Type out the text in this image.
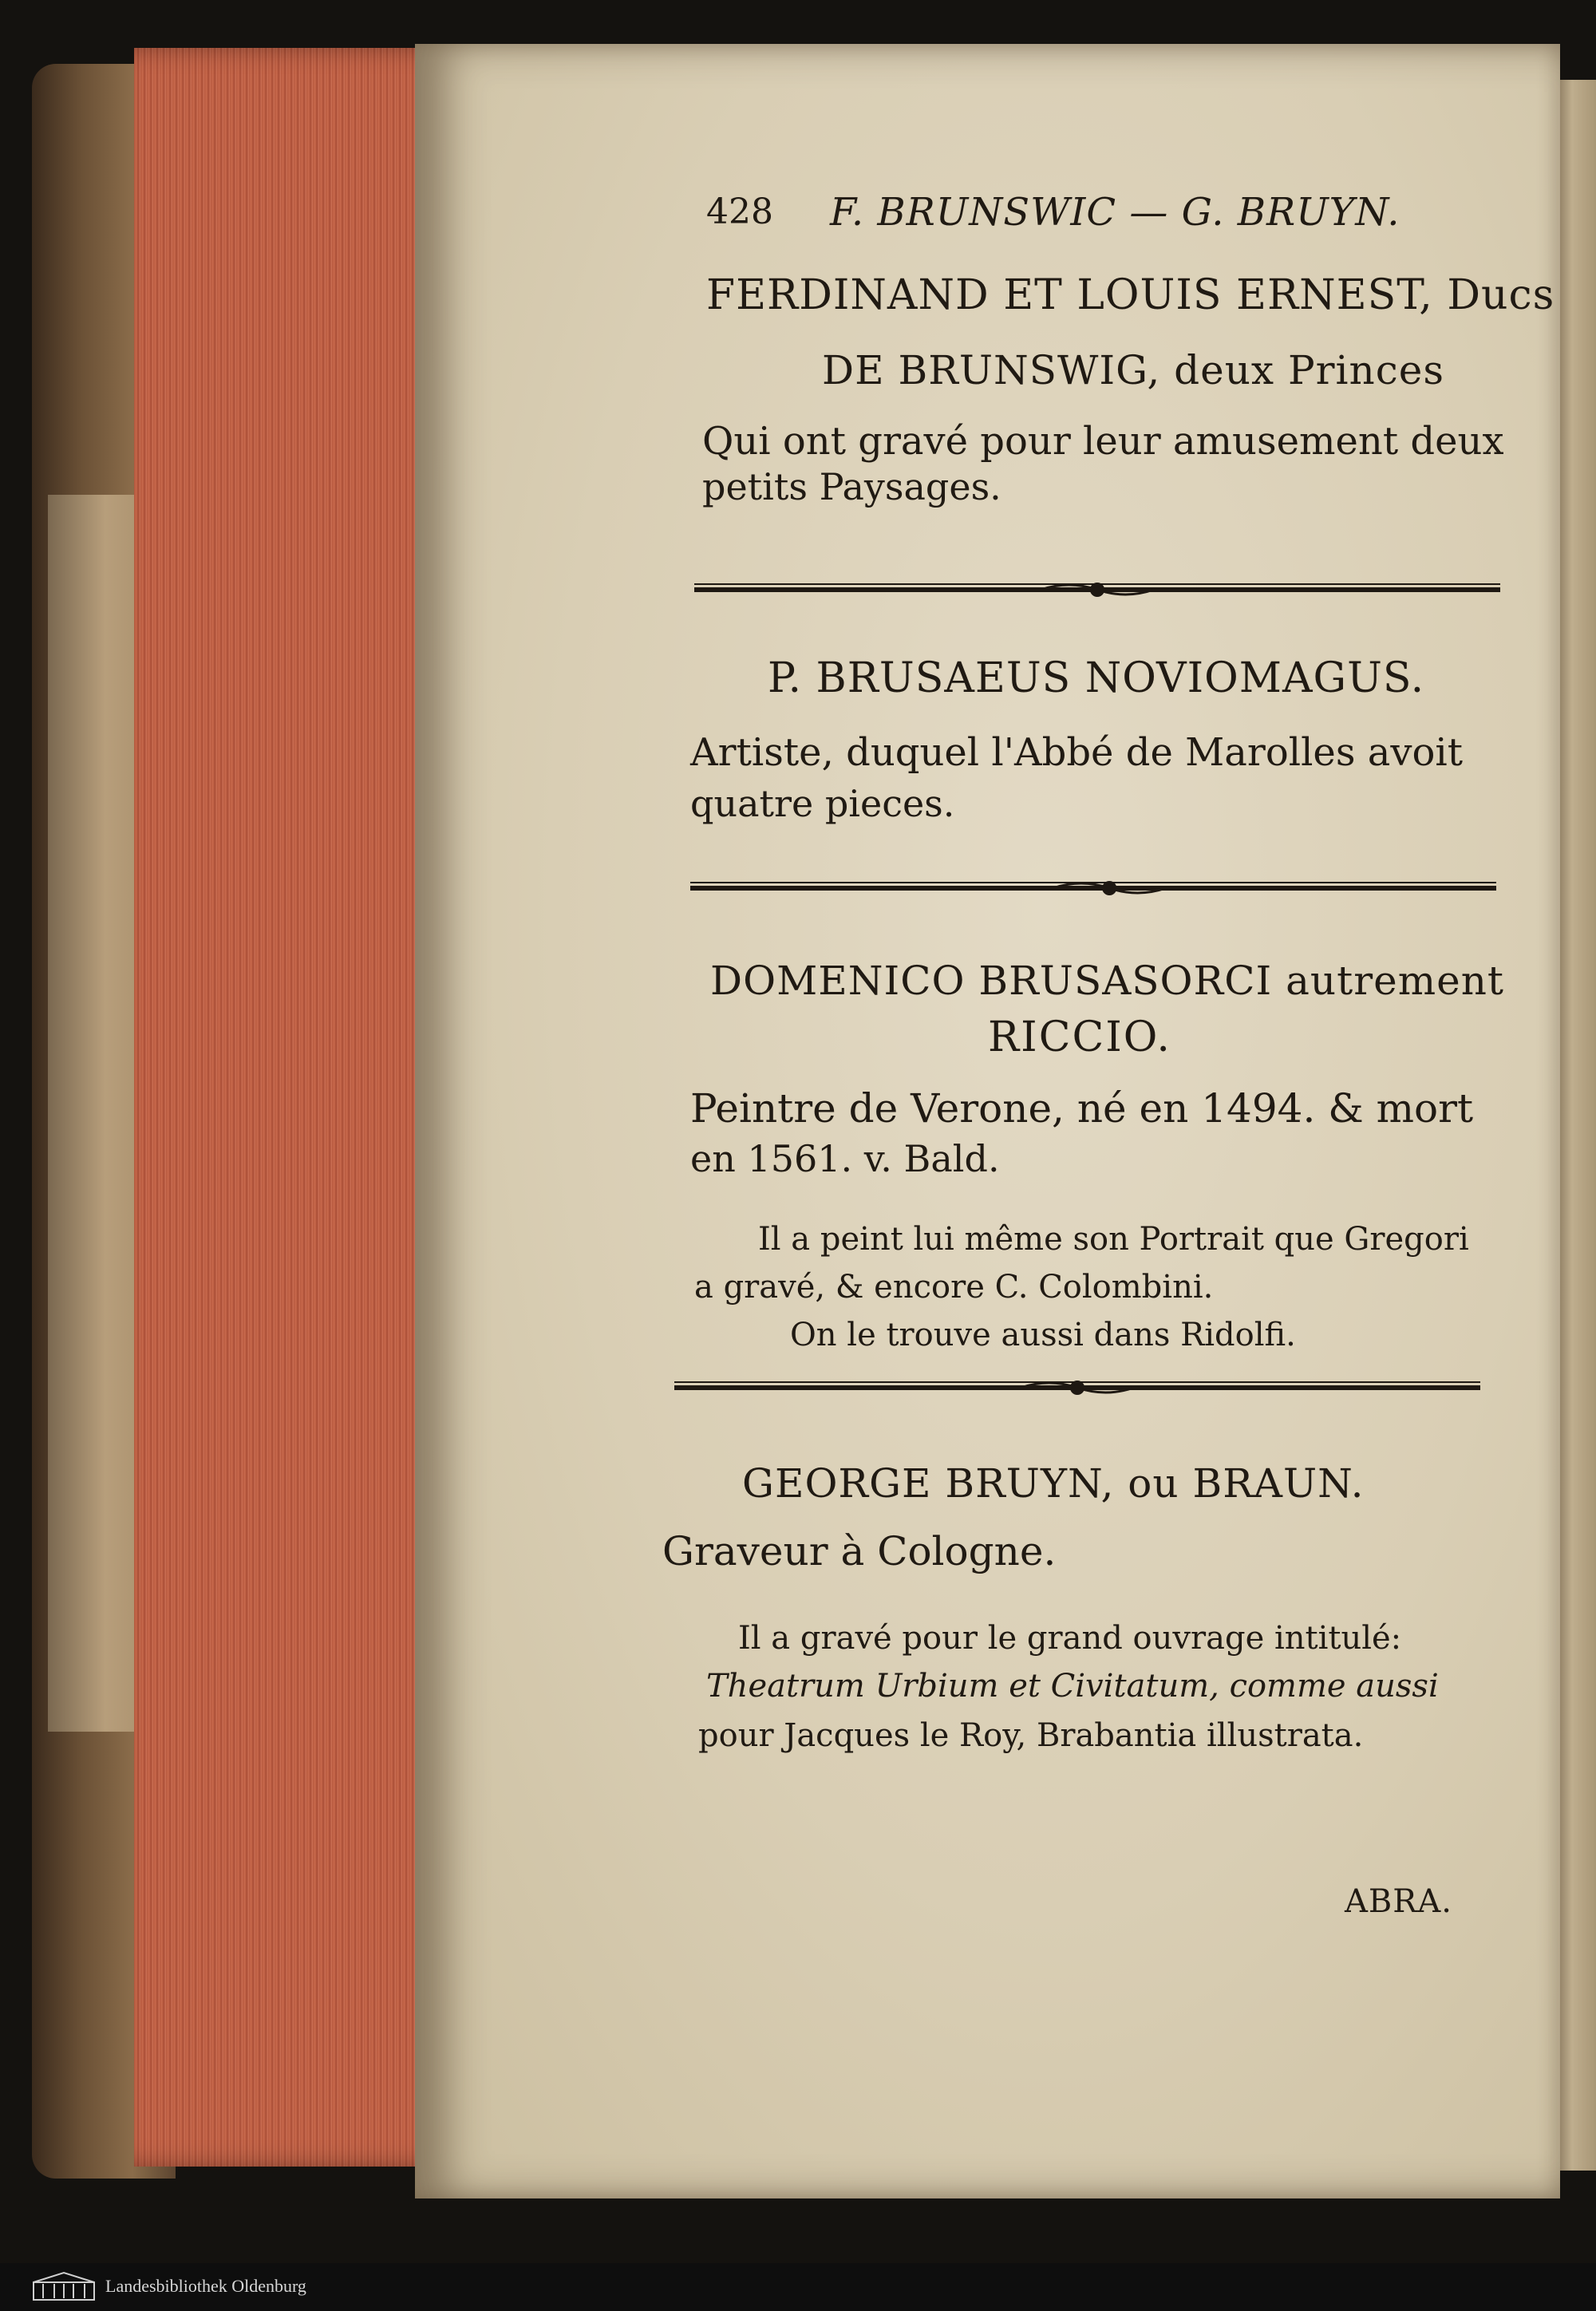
428 F. BRUNSWIC — G. BRUYN.
FERDINAND ET LOUIS ERNEST, Ducs
DE BRUNSWIG, deux Princes
Qui ont gravé pour leur amusement deux
petits Paysages.
P. BRUSAEUS NOVIOMAGUS.
Artiste, duquel l'Abbé de Marolles avoit
quatre pieces.
DOMENICO BRUSASORCI autrement
RICCIO.
Peintre de Verone, né en 1494. & mort
en 1561. v. Bald.
Il a peint lui même son Portrait que Gregori
a gravé, & encore C. Colombini.
On le trouve aussi dans Ridolfi.
GEORGE BRUYN, ou BRAUN.
Graveur à Cologne.
Il a gravé pour le grand ouvrage intitulé:
Theatrum Urbium et Civitatum, comme aussi
pour Jacques le Roy, Brabantia illustrata.
ABRA.
Landesbibliothek Oldenburg
